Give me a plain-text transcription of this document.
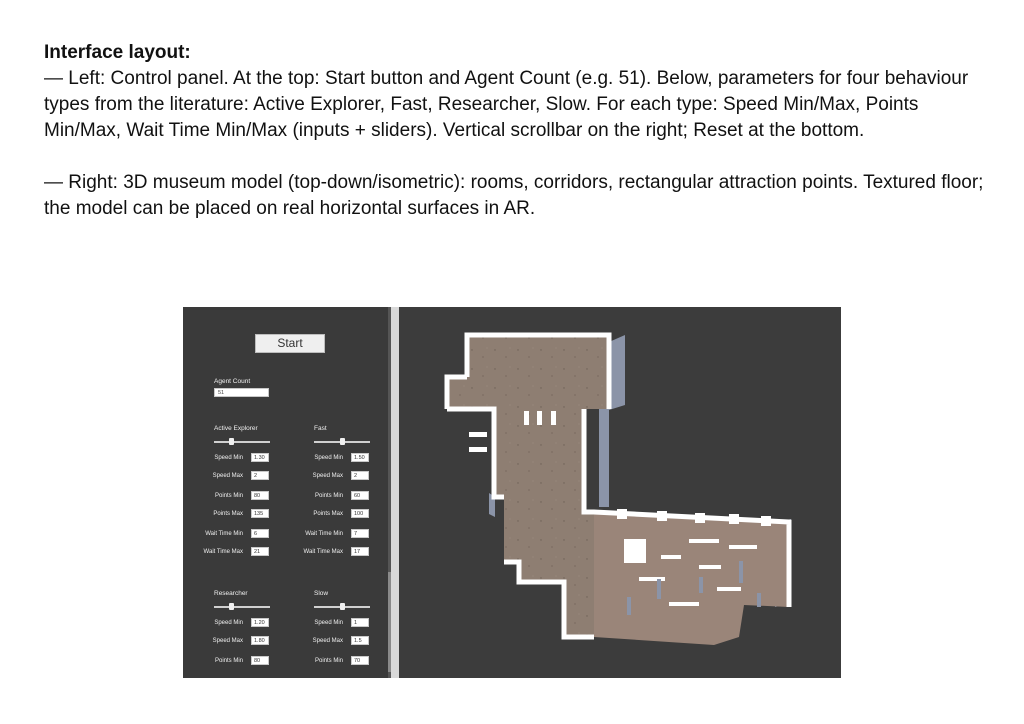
Interface layout:

— Left: Control panel. At the top: Start button and Agent Count (e.g. 51). Below, parameters for four behaviour types from the literature: Active Explorer, Fast, Researcher, Slow. For each type: Speed Min/Max, Points Min/Max, Wait Time Min/Max (inputs + sliders). Vertical scrollbar on the right; Reset at the bottom.

— Right: 3D museum model (top-down/isometric): rooms, corridors, rectangular attraction points. Textured floor; the model can be placed on real horizontal surfaces in AR.

Start
Agent Count
51
Active Explorer
Speed Min	1.30
Speed Max	2
Points Min	80
Points Max	135
Wait Time Min	6
Wait Time Max	21
Fast
Speed Min	1.50
Speed Max	2
Points Min	60
Points Max	100
Wait Time Min	7
Wait Time Max	17
Researcher
Speed Min	1.20
Speed Max	1.80
Points Min	80
Slow
Speed Min	1
Speed Max	1.5
Points Min	70
